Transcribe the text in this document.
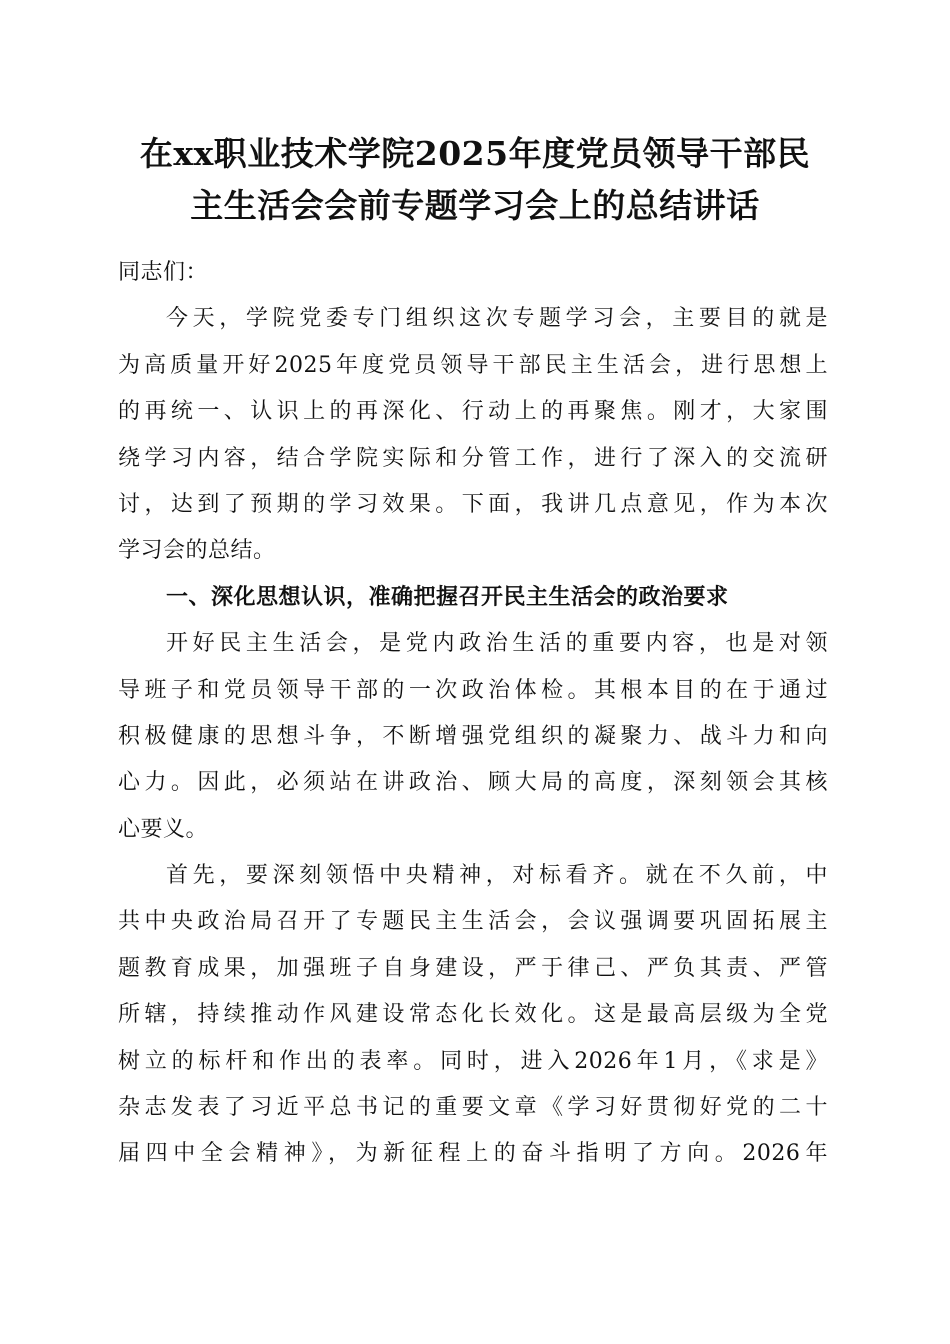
在xx职业技术学院2025年度党员领导干部民
主生活会会前专题学习会上的总结讲话
同志们：
今天，学院党委专门组织这次专题学习会，主要目的就是
为高质量开好2025年度党员领导干部民主生活会，进行思想上
的再统一、认识上的再深化、行动上的再聚焦。刚才，大家围
绕学习内容，结合学院实际和分管工作，进行了深入的交流研
讨，达到了预期的学习效果。下面，我讲几点意见，作为本次
学习会的总结。
一、深化思想认识，准确把握召开民主生活会的政治要求
开好民主生活会，是党内政治生活的重要内容，也是对领
导班子和党员领导干部的一次政治体检。其根本目的在于通过
积极健康的思想斗争，不断增强党组织的凝聚力、战斗力和向
心力。因此，必须站在讲政治、顾大局的高度，深刻领会其核
心要义。
首先，要深刻领悟中央精神，对标看齐。就在不久前，中
共中央政治局召开了专题民主生活会，会议强调要巩固拓展主
题教育成果，加强班子自身建设，严于律己、严负其责、严管
所辖，持续推动作风建设常态化长效化。这是最高层级为全党
树立的标杆和作出的表率。同时，进入2026年1月，《求是》
杂志发表了习近平总书记的重要文章《学习好贯彻好党的二十
届四中全会精神》，为新征程上的奋斗指明了方向。2026年
